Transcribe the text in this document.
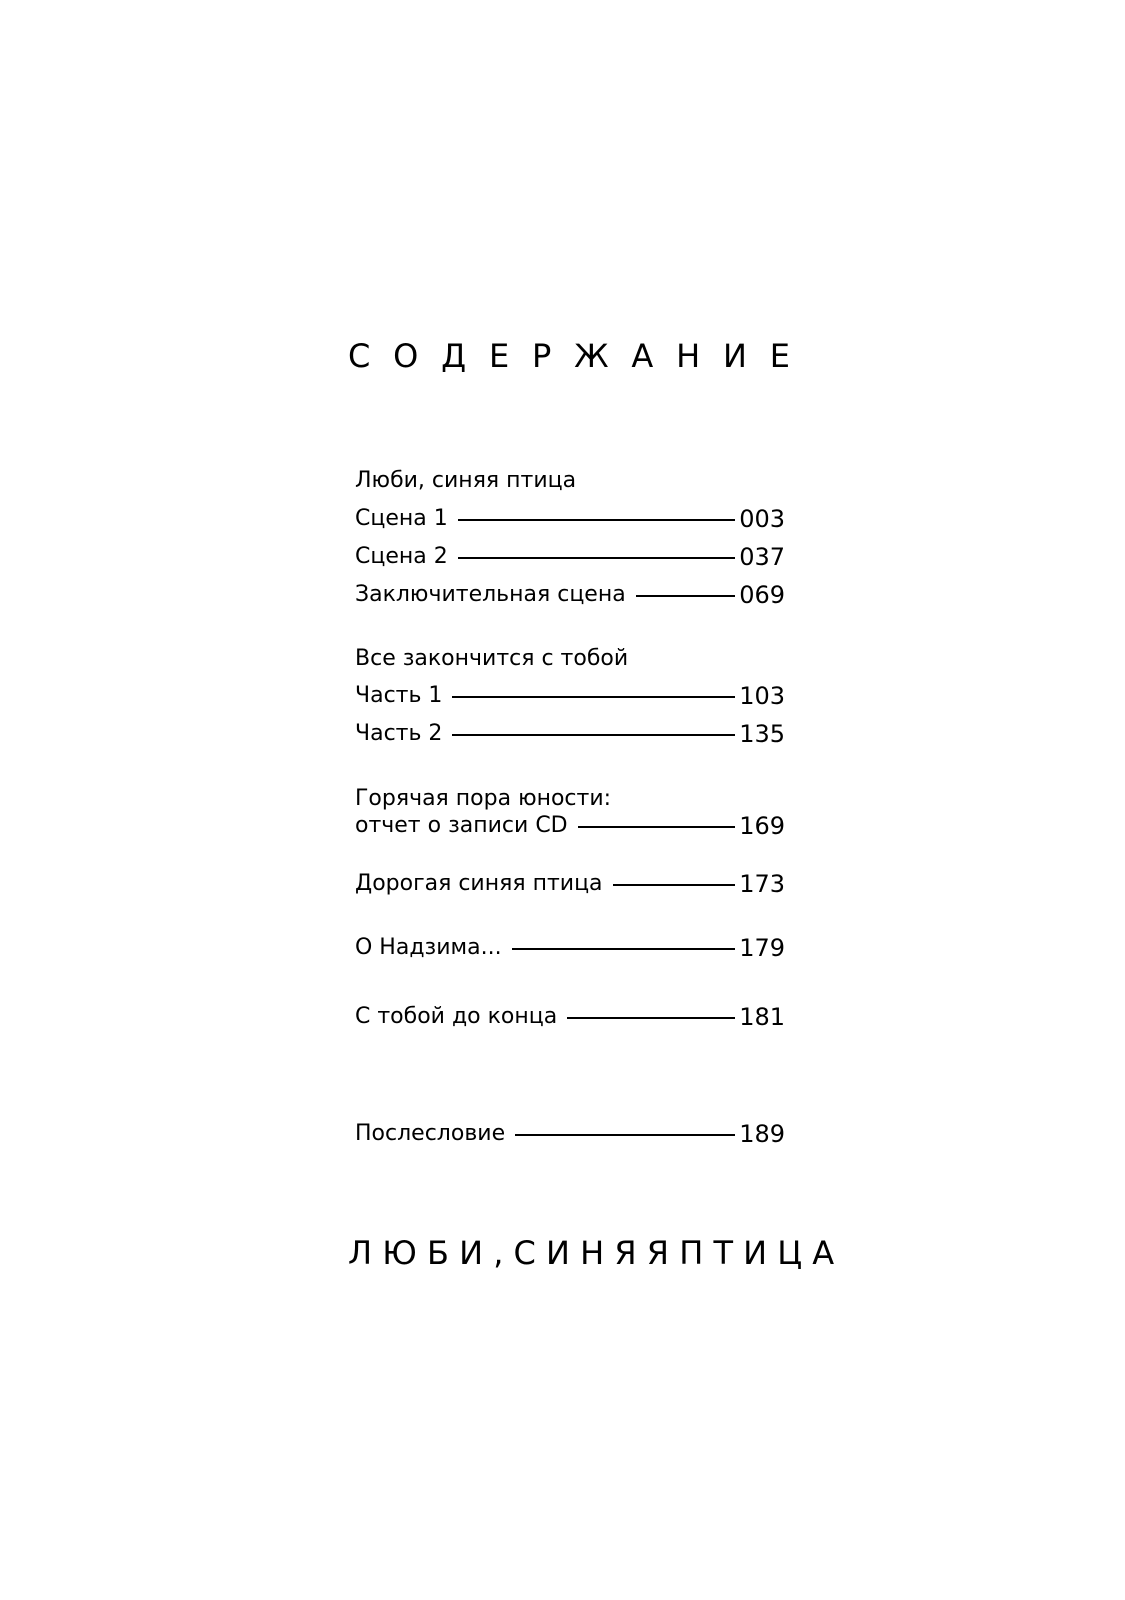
С О Д Е Р Ж А Н И Е
Люби, синяя птица
Сцена 1	003
Сцена 2	037
Заключительная сцена	069
Все закончится с тобой
Часть 1	103
Часть 2	135
Горячая пора юности:
отчет о записи CD	169
Дорогая синяя птица	173
О Надзима...	179
С тобой до конца	181
Послесловие	189
Л Ю Б И , С И Н Я Я П Т И Ц А
